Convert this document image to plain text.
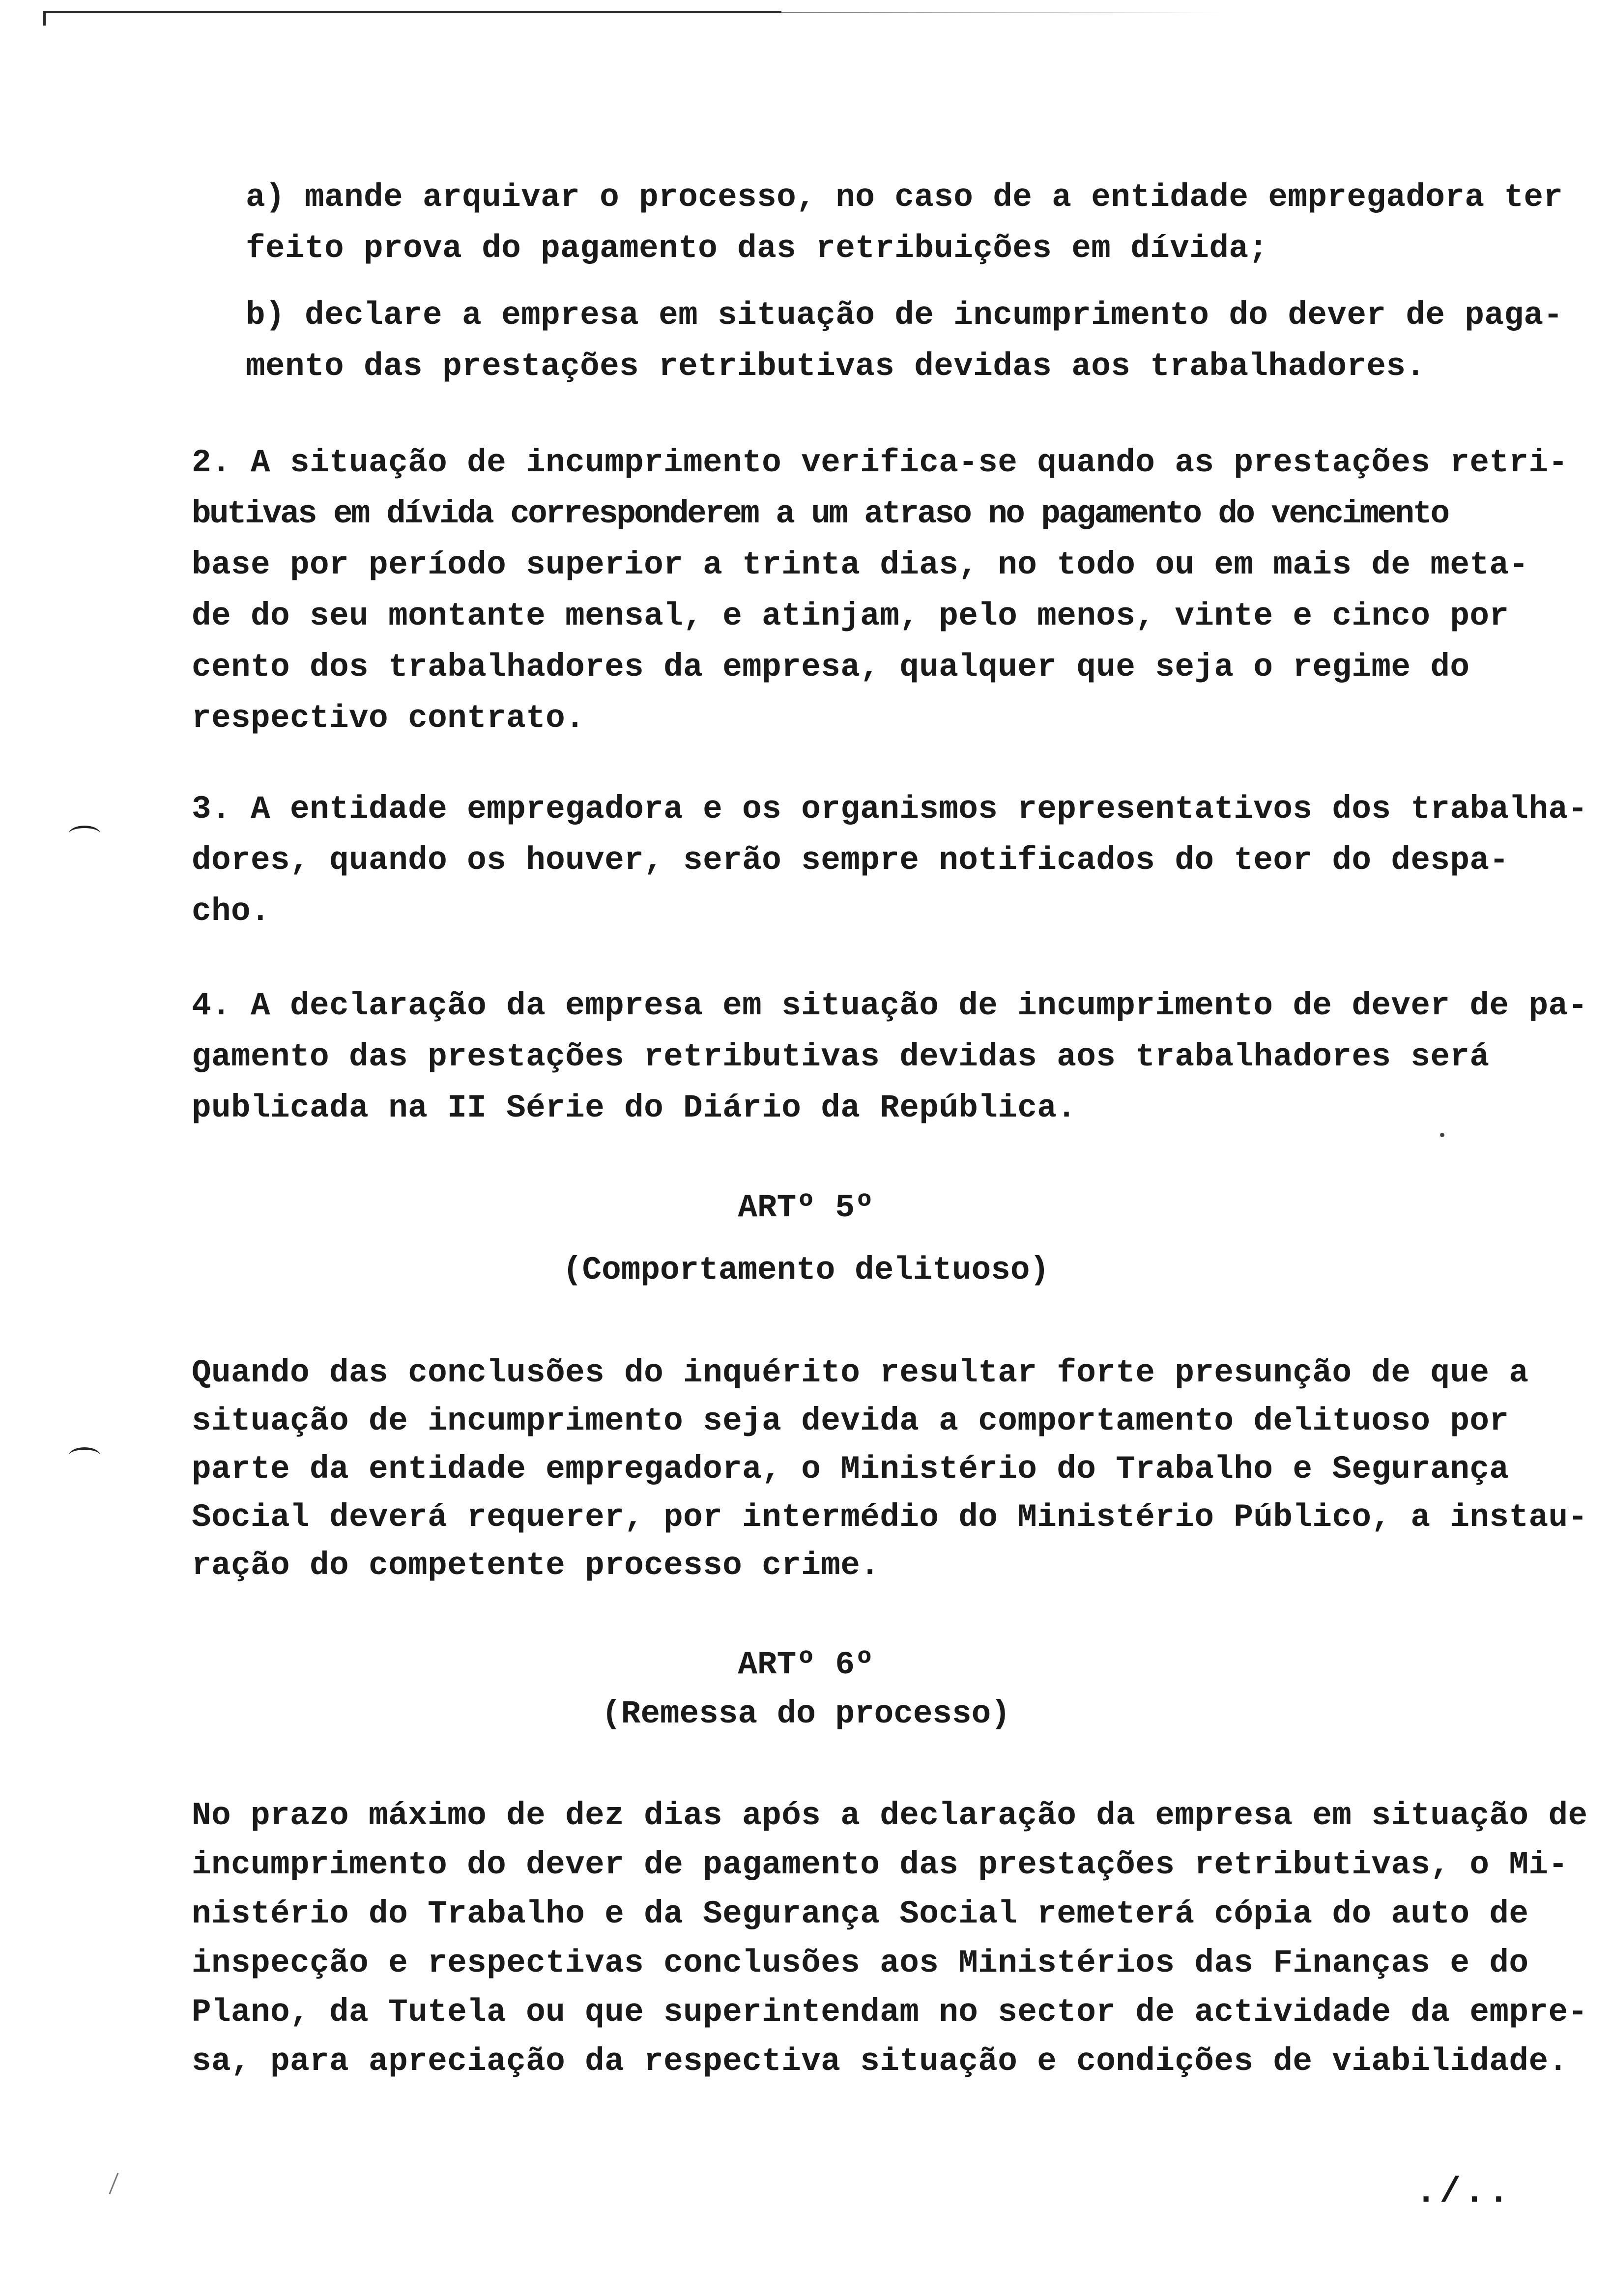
a) mande arquivar o processo, no caso de a entidade empregadora ter
feito prova do pagamento das retribuições em dívida;
b) declare a empresa em situação de incumprimento do dever de paga-
mento das prestações retributivas devidas aos trabalhadores.
2. A situação de incumprimento verifica-se quando as prestações retri-
butivas em dívida corresponderem a um atraso no pagamento do vencimento
base por período superior a trinta dias, no todo ou em mais de meta-
de do seu montante mensal, e atinjam, pelo menos, vinte e cinco por
cento dos trabalhadores da empresa, qualquer que seja o regime do
respectivo contrato.
3. A entidade empregadora e os organismos representativos dos trabalha-
dores, quando os houver, serão sempre notificados do teor do despa-
cho.
4. A declaração da empresa em situação de incumprimento de dever de pa-
gamento das prestações retributivas devidas aos trabalhadores será
publicada na II Série do Diário da República.

ARTº 5º

(Comportamento delituoso)

Quando das conclusões do inquérito resultar forte presunção de que a
situação de incumprimento seja devida a comportamento delituoso por
parte da entidade empregadora, o Ministério do Trabalho e Segurança
Social deverá requerer, por intermédio do Ministério Público, a instau-
ração do competente processo crime.

ARTº 6º

(Remessa do processo)

No prazo máximo de dez dias após a declaração da empresa em situação de
incumprimento do dever de pagamento das prestações retributivas, o Mi-
nistério do Trabalho e da Segurança Social remeterá cópia do auto de
inspecção e respectivas conclusões aos Ministérios das Finanças e do
Plano, da Tutela ou que superintendam no sector de actividade da empre-
sa, para apreciação da respectiva situação e condições de viabilidade.
./..
